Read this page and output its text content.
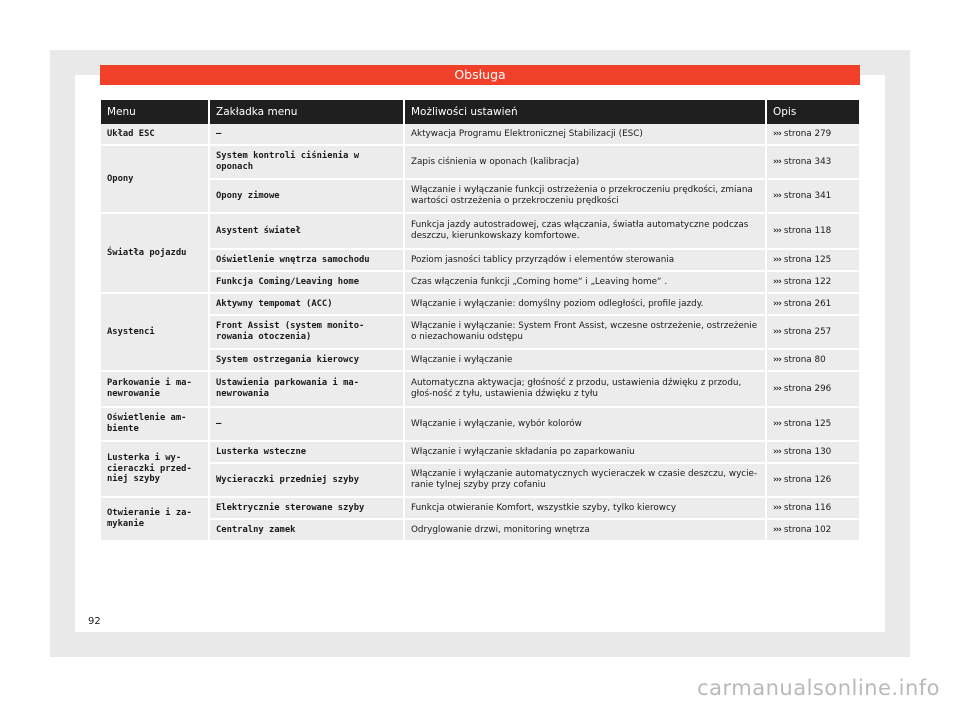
Obsługa
Menu	Zakładka menu	Możliwości ustawień	Opis
Układ ESC	–	Aktywacja Programu Elektronicznej Stabilizacji (ESC)	››› strona 279
Opony	System kontroli ciśnienia w oponach	Zapis ciśnienia w oponach (kalibracja)	››› strona 343
	Opony zimowe	Włączanie i wyłączanie funkcji ostrzeżenia o przekroczeniu prędkości, zmiana wartości ostrzeżenia o przekroczeniu prędkości	››› strona 341
Światła pojazdu	Asystent świateł	Funkcja jazdy autostradowej, czas włączania, światła automatyczne podczas deszczu, kierunkowskazy komfortowe.	››› strona 118
	Oświetlenie wnętrza samochodu	Poziom jasności tablicy przyrządów i elementów sterowania	››› strona 125
	Funkcja Coming/Leaving home	Czas włączenia funkcji „Coming home“ i „Leaving home“ .	››› strona 122
Asystenci	Aktywny tempomat (ACC)	Włączanie i wyłączanie: domyślny poziom odległości, profile jazdy.	››› strona 261
	Front Assist (system monito-rowania otoczenia)	Włączanie i wyłączanie: System Front Assist, wczesne ostrzeżenie, ostrzeżenie o niezachowaniu odstępu	››› strona 257
	System ostrzegania kierowcy	Włączanie i wyłączanie	››› strona 80
Parkowanie i ma-newrowanie	Ustawienia parkowania i ma-newrowania	Automatyczna aktywacja; głośność z przodu, ustawienia dźwięku z przodu, głoś-ność z tyłu, ustawienia dźwięku z tyłu	››› strona 296
Oświetlenie am-biente	–	Włączanie i wyłączanie, wybór kolorów	››› strona 125
Lusterka i wy-cieraczki przed-niej szyby	Lusterka wsteczne	Włączanie i wyłączanie składania po zaparkowaniu	››› strona 130
	Wycieraczki przedniej szyby	Włączanie i wyłączanie automatycznych wycieraczek w czasie deszczu, wycie-ranie tylnej szyby przy cofaniu	››› strona 126
Otwieranie i za-mykanie	Elektrycznie sterowane szyby	Funkcja otwieranie Komfort, wszystkie szyby, tylko kierowcy	››› strona 116
	Centralny zamek	Odryglowanie drzwi, monitoring wnętrza	››› strona 102
92
carmanualsonline.info
